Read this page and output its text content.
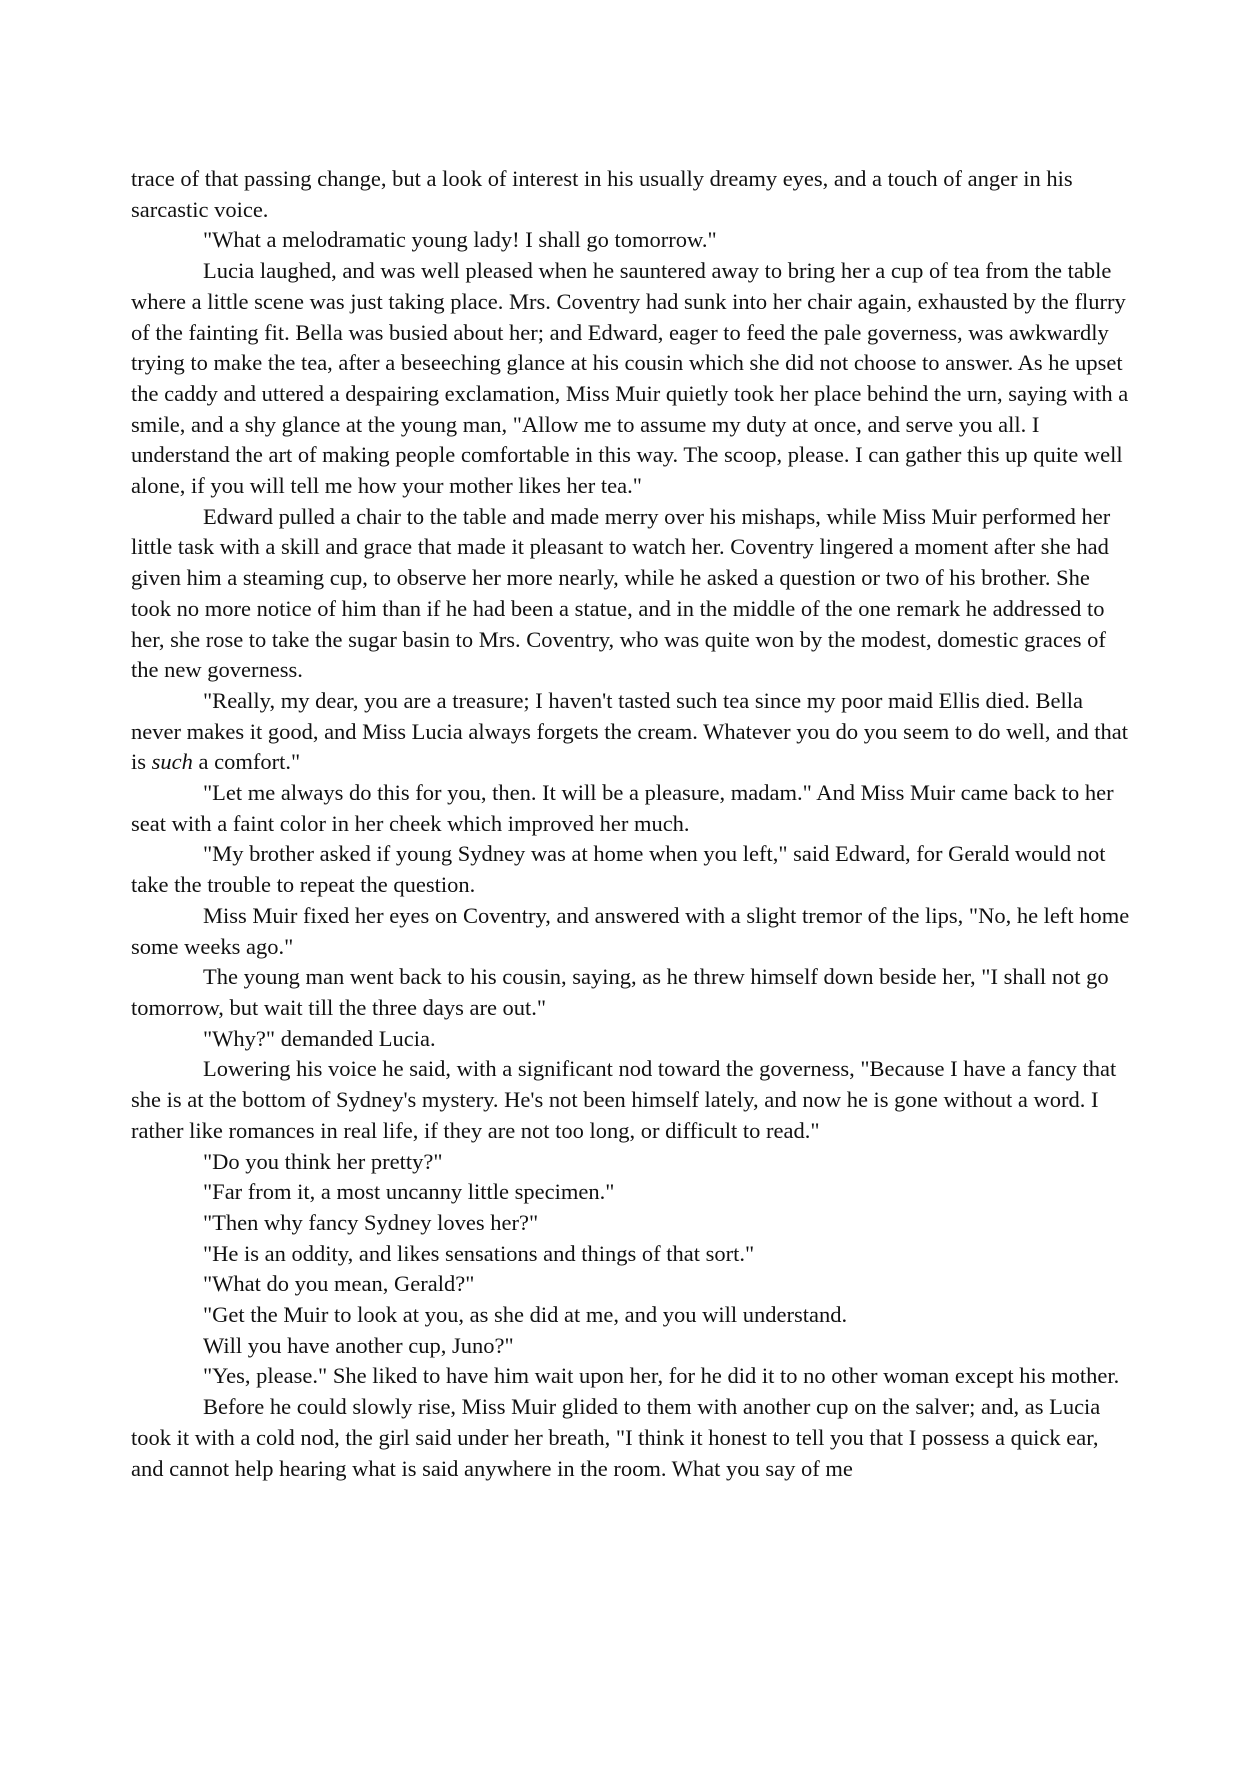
trace of that passing change, but a look of interest in his usually dreamy eyes, and a touch of anger in his sarcastic voice.

"What a melodramatic young lady! I shall go tomorrow."

Lucia laughed, and was well pleased when he sauntered away to bring her a cup of tea from the table where a little scene was just taking place. Mrs. Coventry had sunk into her chair again, exhausted by the flurry of the fainting fit. Bella was busied about her; and Edward, eager to feed the pale governess, was awkwardly trying to make the tea, after a beseeching glance at his cousin which she did not choose to answer. As he upset the caddy and uttered a despairing exclamation, Miss Muir quietly took her place behind the urn, saying with a smile, and a shy glance at the young man, "Allow me to assume my duty at once, and serve you all. I understand the art of making people comfortable in this way. The scoop, please. I can gather this up quite well alone, if you will tell me how your mother likes her tea."

Edward pulled a chair to the table and made merry over his mishaps, while Miss Muir performed her little task with a skill and grace that made it pleasant to watch her. Coventry lingered a moment after she had given him a steaming cup, to observe her more nearly, while he asked a question or two of his brother. She took no more notice of him than if he had been a statue, and in the middle of the one remark he addressed to her, she rose to take the sugar basin to Mrs. Coventry, who was quite won by the modest, domestic graces of the new governess.

"Really, my dear, you are a treasure; I haven't tasted such tea since my poor maid Ellis died. Bella never makes it good, and Miss Lucia always forgets the cream. Whatever you do you seem to do well, and that is such a comfort."

"Let me always do this for you, then. It will be a pleasure, madam." And Miss Muir came back to her seat with a faint color in her cheek which improved her much.

"My brother asked if young Sydney was at home when you left," said Edward, for Gerald would not take the trouble to repeat the question.

Miss Muir fixed her eyes on Coventry, and answered with a slight tremor of the lips, "No, he left home some weeks ago."

The young man went back to his cousin, saying, as he threw himself down beside her, "I shall not go tomorrow, but wait till the three days are out."

"Why?" demanded Lucia.

Lowering his voice he said, with a significant nod toward the governess, "Because I have a fancy that she is at the bottom of Sydney's mystery. He's not been himself lately, and now he is gone without a word. I rather like romances in real life, if they are not too long, or difficult to read."

"Do you think her pretty?"

"Far from it, a most uncanny little specimen."

"Then why fancy Sydney loves her?"

"He is an oddity, and likes sensations and things of that sort."

"What do you mean, Gerald?"

"Get the Muir to look at you, as she did at me, and you will understand.

Will you have another cup, Juno?"

"Yes, please." She liked to have him wait upon her, for he did it to no other woman except his mother.

Before he could slowly rise, Miss Muir glided to them with another cup on the salver; and, as Lucia took it with a cold nod, the girl said under her breath, "I think it honest to tell you that I possess a quick ear, and cannot help hearing what is said anywhere in the room. What you say of me
